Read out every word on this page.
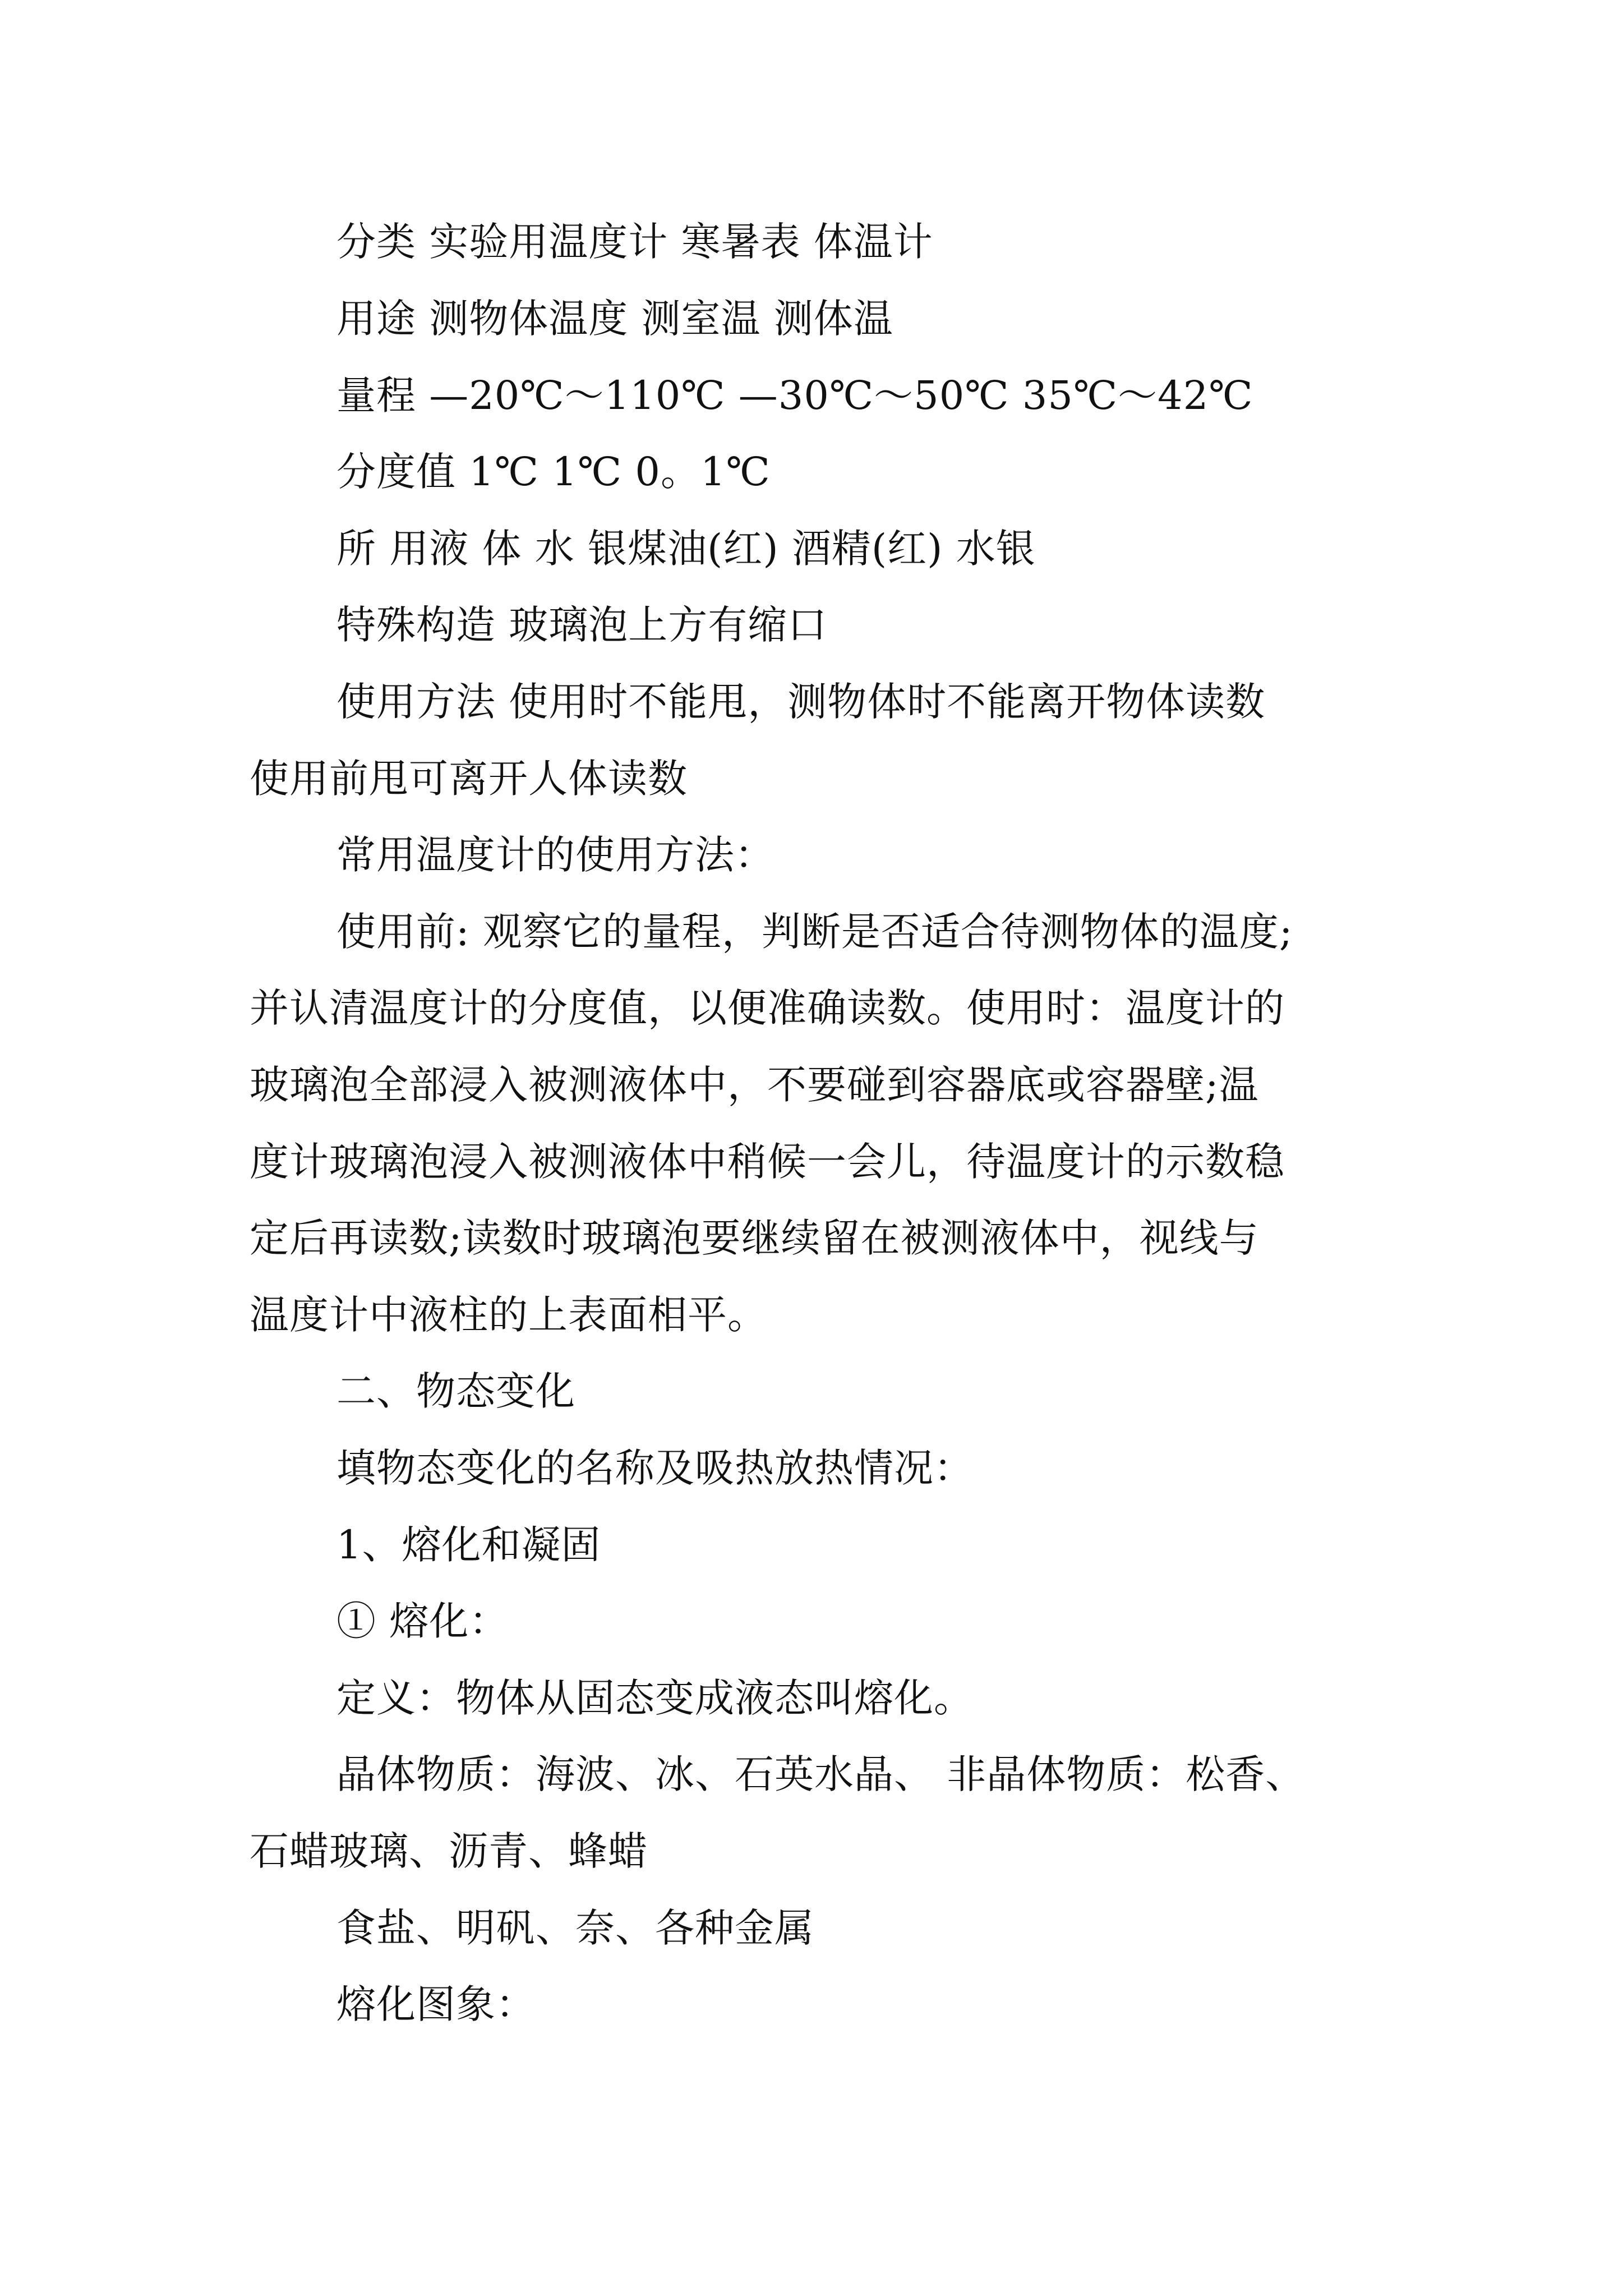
分类 实验用温度计 寒暑表 体温计
用途 测物体温度 测室温 测体温
量程 —20℃～110℃ —30℃～50℃ 35℃～42℃
分度值 1℃ 1℃ 0。1℃
所 用液 体 水 银煤油(红) 酒精(红) 水银
特殊构造 玻璃泡上方有缩口
使用方法 使用时不能甩，测物体时不能离开物体读数
使用前甩可离开人体读数
常用温度计的使用方法：
使用前: 观察它的量程，判断是否适合待测物体的温度;
并认清温度计的分度值，以便准确读数。使用时：温度计的
玻璃泡全部浸入被测液体中，不要碰到容器底或容器壁;温
度计玻璃泡浸入被测液体中稍候一会儿，待温度计的示数稳
定后再读数;读数时玻璃泡要继续留在被测液体中，视线与
温度计中液柱的上表面相平。
二、物态变化
填物态变化的名称及吸热放热情况：
1、熔化和凝固
① 熔化：
定义：物体从固态变成液态叫熔化。
晶体物质：海波、冰、石英水晶、 非晶体物质：松香、
石蜡玻璃、沥青、蜂蜡
食盐、明矾、奈、各种金属
熔化图象：
